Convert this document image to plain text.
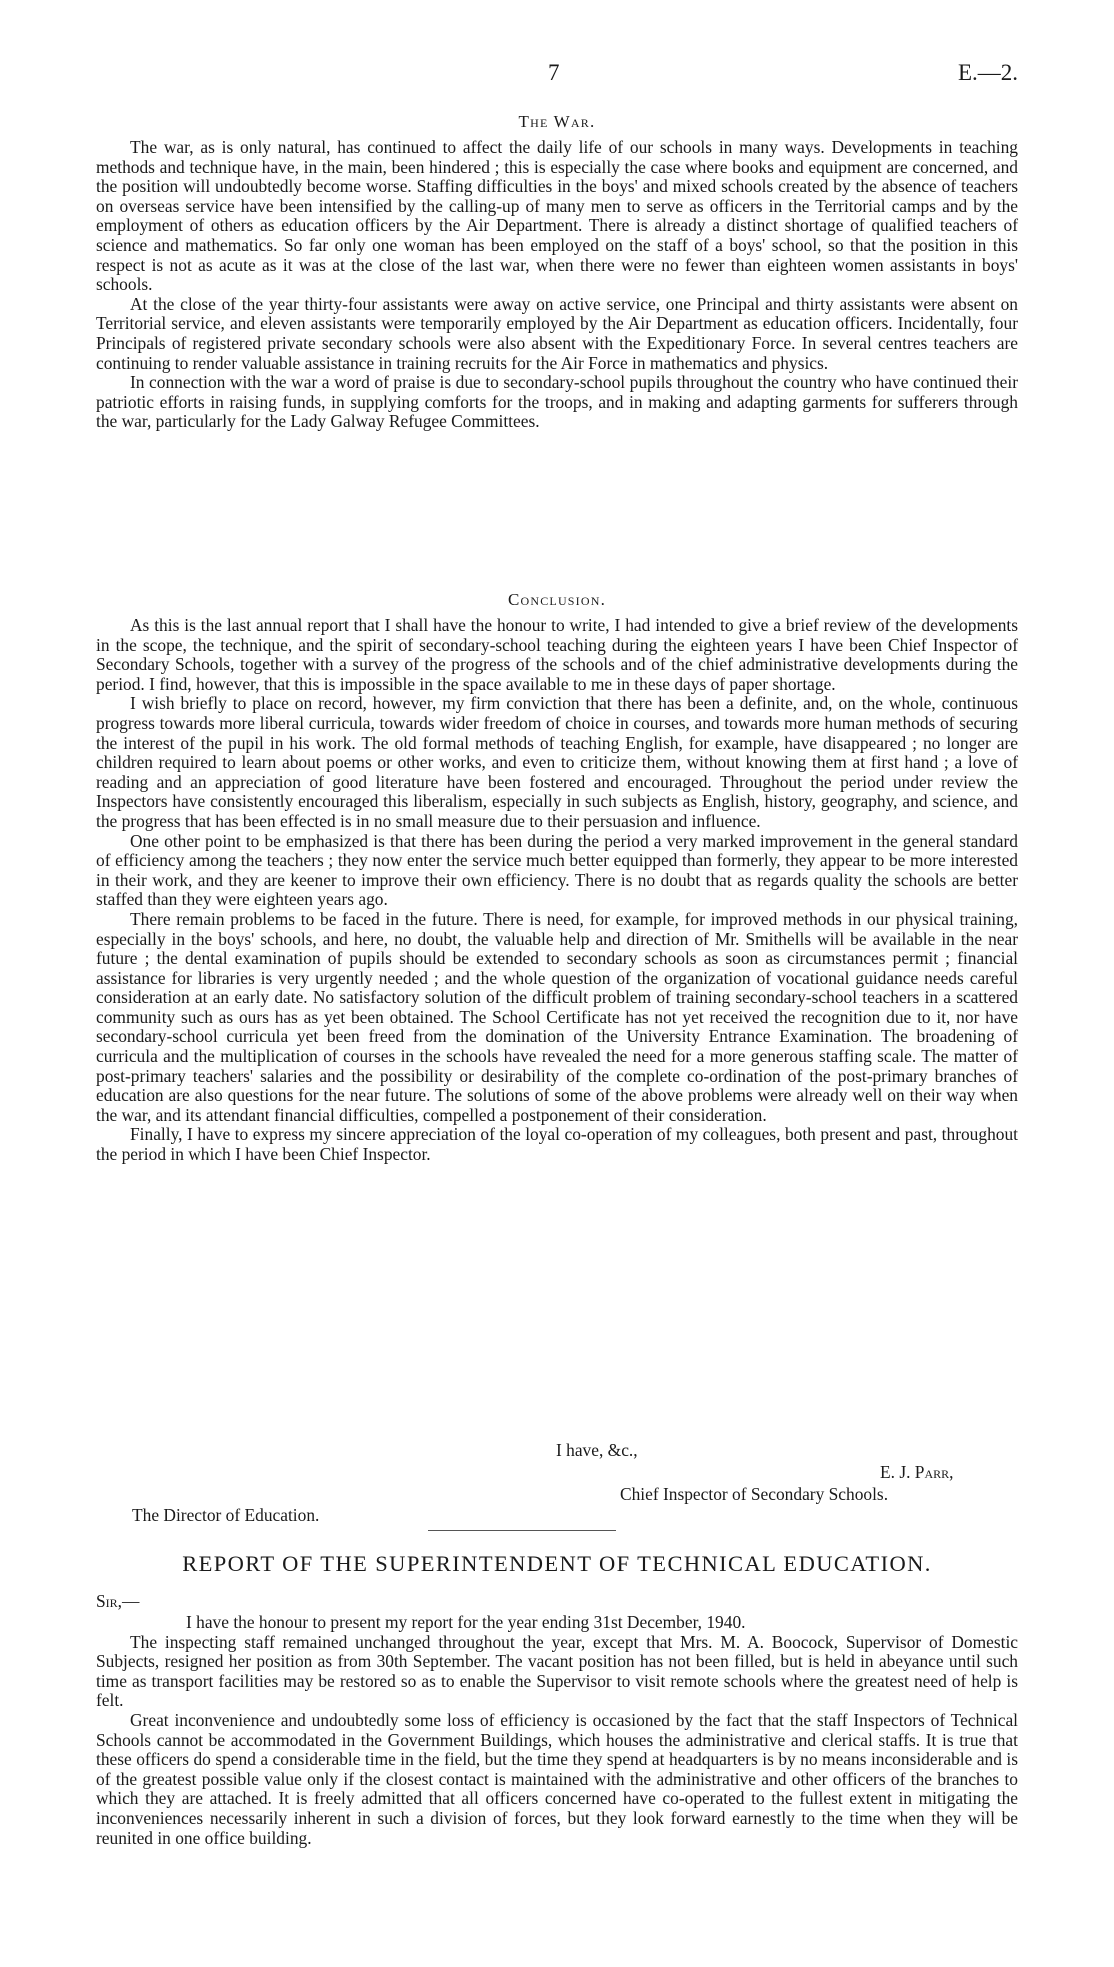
7	E.—2.
The War.

The war, as is only natural, has continued to affect the daily life of our schools in many ways. Developments in teaching methods and technique have, in the main, been hindered ; this is especially the case where books and equipment are concerned, and the position will undoubtedly become worse. Staffing difficulties in the boys' and mixed schools created by the absence of teachers on overseas service have been intensified by the calling-up of many men to serve as officers in the Territorial camps and by the employment of others as education officers by the Air Department. There is already a distinct shortage of qualified teachers of science and mathematics. So far only one woman has been employed on the staff of a boys' school, so that the position in this respect is not as acute as it was at the close of the last war, when there were no fewer than eighteen women assistants in boys' schools.

At the close of the year thirty-four assistants were away on active service, one Principal and thirty assistants were absent on Territorial service, and eleven assistants were temporarily employed by the Air Department as education officers. Incidentally, four Principals of registered private secondary schools were also absent with the Expeditionary Force. In several centres teachers are continuing to render valuable assistance in training recruits for the Air Force in mathematics and physics.

In connection with the war a word of praise is due to secondary-school pupils throughout the country who have continued their patriotic efforts in raising funds, in supplying comforts for the troops, and in making and adapting garments for sufferers through the war, particularly for the Lady Galway Refugee Committees.

Conclusion.

As this is the last annual report that I shall have the honour to write, I had intended to give a brief review of the developments in the scope, the technique, and the spirit of secondary-school teaching during the eighteen years I have been Chief Inspector of Secondary Schools, together with a survey of the progress of the schools and of the chief administrative developments during the period. I find, however, that this is impossible in the space available to me in these days of paper shortage.

I wish briefly to place on record, however, my firm conviction that there has been a definite, and, on the whole, continuous progress towards more liberal curricula, towards wider freedom of choice in courses, and towards more human methods of securing the interest of the pupil in his work. The old formal methods of teaching English, for example, have disappeared ; no longer are children required to learn about poems or other works, and even to criticize them, without knowing them at first hand ; a love of reading and an appreciation of good literature have been fostered and encouraged. Throughout the period under review the Inspectors have consistently encouraged this liberalism, especially in such subjects as English, history, geography, and science, and the progress that has been effected is in no small measure due to their persuasion and influence.

One other point to be emphasized is that there has been during the period a very marked improvement in the general standard of efficiency among the teachers ; they now enter the service much better equipped than formerly, they appear to be more interested in their work, and they are keener to improve their own efficiency. There is no doubt that as regards quality the schools are better staffed than they were eighteen years ago.

There remain problems to be faced in the future. There is need, for example, for improved methods in our physical training, especially in the boys' schools, and here, no doubt, the valuable help and direction of Mr. Smithells will be available in the near future ; the dental examination of pupils should be extended to secondary schools as soon as circumstances permit ; financial assistance for libraries is very urgently needed ; and the whole question of the organization of vocational guidance needs careful consideration at an early date. No satisfactory solution of the difficult problem of training secondary-school teachers in a scattered community such as ours has as yet been obtained. The School Certificate has not yet received the recognition due to it, nor have secondary-school curricula yet been freed from the domination of the University Entrance Examination. The broadening of curricula and the multiplication of courses in the schools have revealed the need for a more generous staffing scale. The matter of post-primary teachers' salaries and the possibility or desirability of the complete co-ordination of the post-primary branches of education are also questions for the near future. The solutions of some of the above problems were already well on their way when the war, and its attendant financial difficulties, compelled a postponement of their consideration.

Finally, I have to express my sincere appreciation of the loyal co-operation of my colleagues, both present and past, throughout the period in which I have been Chief Inspector.

I have, &c.,
E. J. Parr,
Chief Inspector of Secondary Schools.
The Director of Education.
REPORT OF THE SUPERINTENDENT OF TECHNICAL EDUCATION.
Sir,—

I have the honour to present my report for the year ending 31st December, 1940.

The inspecting staff remained unchanged throughout the year, except that Mrs. M. A. Boocock, Supervisor of Domestic Subjects, resigned her position as from 30th September. The vacant position has not been filled, but is held in abeyance until such time as transport facilities may be restored so as to enable the Supervisor to visit remote schools where the greatest need of help is felt.

Great inconvenience and undoubtedly some loss of efficiency is occasioned by the fact that the staff Inspectors of Technical Schools cannot be accommodated in the Government Buildings, which houses the administrative and clerical staffs. It is true that these officers do spend a considerable time in the field, but the time they spend at headquarters is by no means inconsiderable and is of the greatest possible value only if the closest contact is maintained with the administrative and other officers of the branches to which they are attached. It is freely admitted that all officers concerned have co-operated to the fullest extent in mitigating the inconveniences necessarily inherent in such a division of forces, but they look forward earnestly to the time when they will be reunited in one office building.
